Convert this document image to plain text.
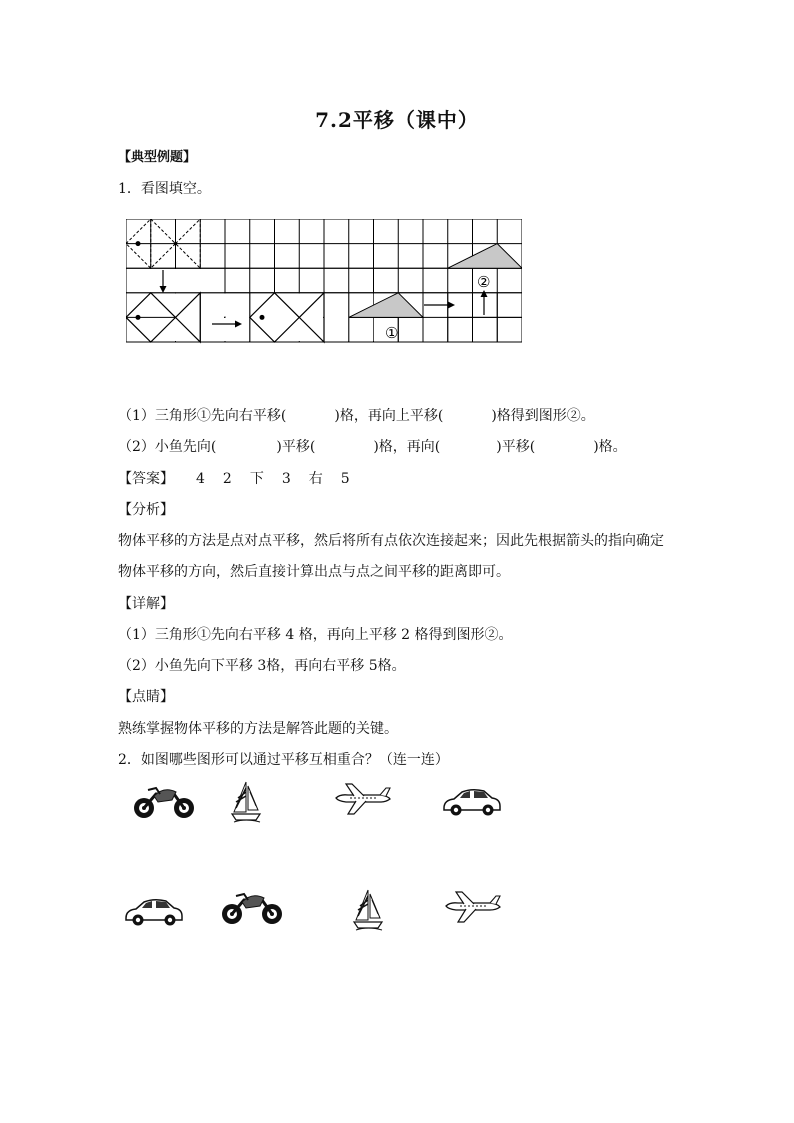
7.2平移（课中）
【典型例题】
1．看图填空。
①
②
（1）三角形①先向右平移(	)格，再向上平移(	)格得到图形②。
（2）小鱼先向(	)平移(	)格，再向(	)平移(	)格。
【答案】 4 2 下 3 右 5
【分析】
物体平移的方法是点对点平移，然后将所有点依次连接起来；因此先根据箭头的指向确定
物体平移的方向，然后直接计算出点与点之间平移的距离即可。
【详解】
（1）三角形①先向右平移 4 格，再向上平移 2 格得到图形②。
（2）小鱼先向下平移 3格，再向右平移 5格。
【点睛】
熟练掌握物体平移的方法是解答此题的关键。
2．如图哪些图形可以通过平移互相重合？（连一连）
